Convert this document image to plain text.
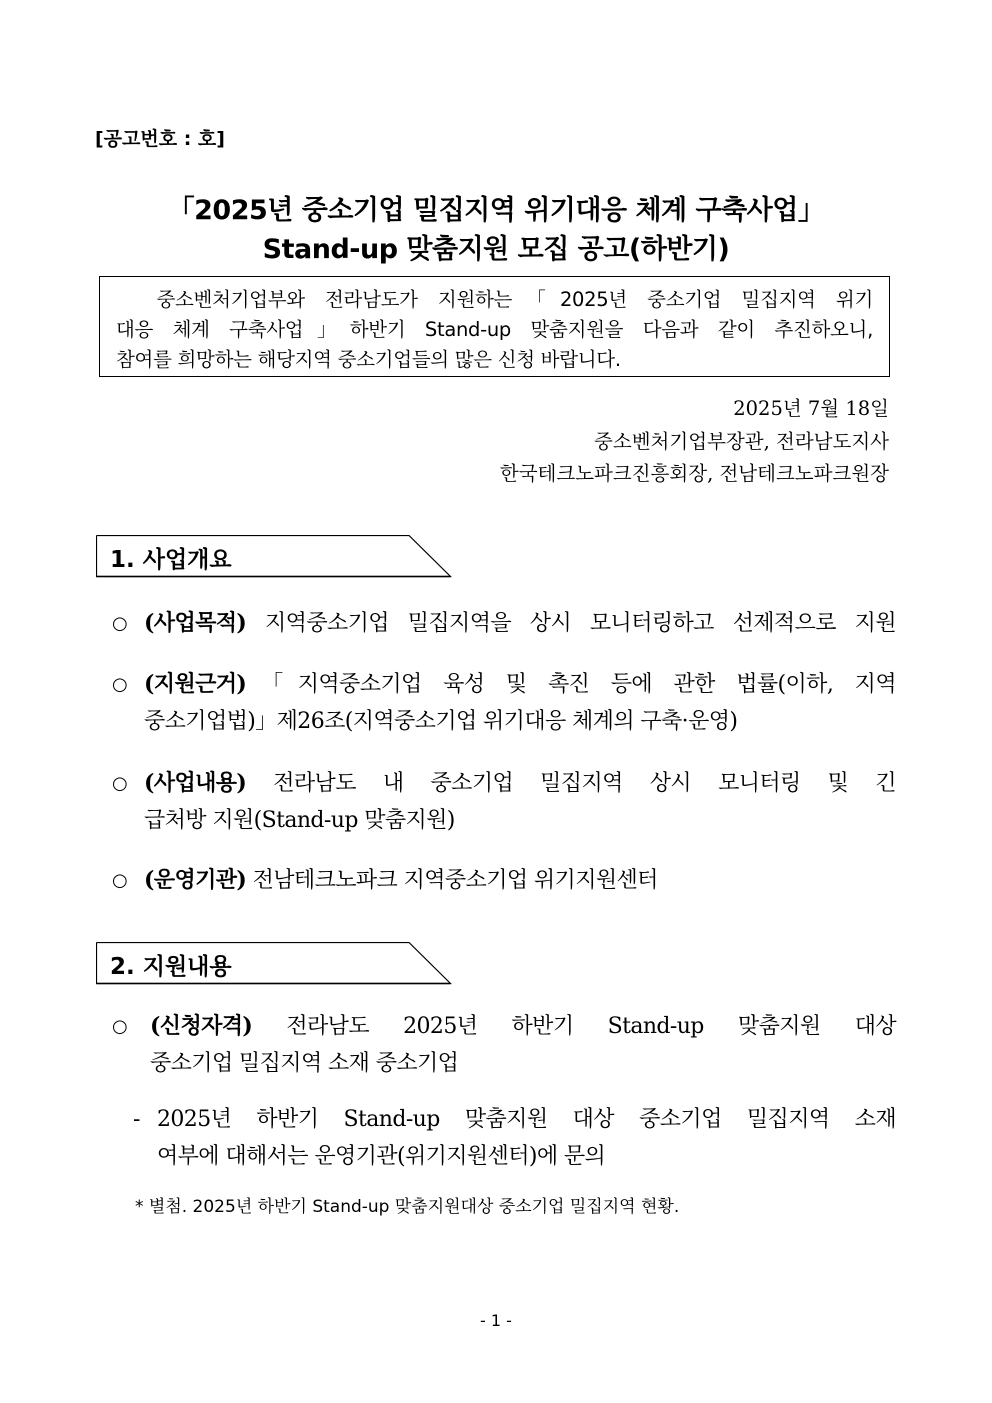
[공고번호 : 호]
「2025년 중소기업 밀집지역 위기대응 체계 구축사업」
Stand-up 맞춤지원 모집 공고(하반기)
중소벤처기업부와 전라남도가 지원하는「2025년 중소기업 밀집지역 위기
대응 체계 구축사업」하반기 Stand-up 맞춤지원을 다음과 같이 추진하오니,
참여를 희망하는 해당지역 중소기업들의 많은 신청 바랍니다.
2025년 7월 18일
중소벤처기업부장관, 전라남도지사
한국테크노파크진흥회장, 전남테크노파크원장
1. 사업개요
○ (사업목적) 지역중소기업 밀집지역을 상시 모니터링하고 선제적으로 지원
○ (지원근거)「지역중소기업 육성 및 촉진 등에 관한 법률(이하, 지역
중소기업법)」제26조(지역중소기업 위기대응 체계의 구축·운영)
○ (사업내용) 전라남도 내 중소기업 밀집지역 상시 모니터링 및 긴
급처방 지원(Stand-up 맞춤지원)
○ (운영기관) 전남테크노파크 지역중소기업 위기지원센터
2. 지원내용
○ (신청자격) 전라남도 2025년 하반기 Stand-up 맞춤지원 대상
중소기업 밀집지역 소재 중소기업
- 2025년 하반기 Stand-up 맞춤지원 대상 중소기업 밀집지역 소재
여부에 대해서는 운영기관(위기지원센터)에 문의
* 별첨. 2025년 하반기 Stand-up 맞춤지원대상 중소기업 밀집지역 현황.
- 1 -
